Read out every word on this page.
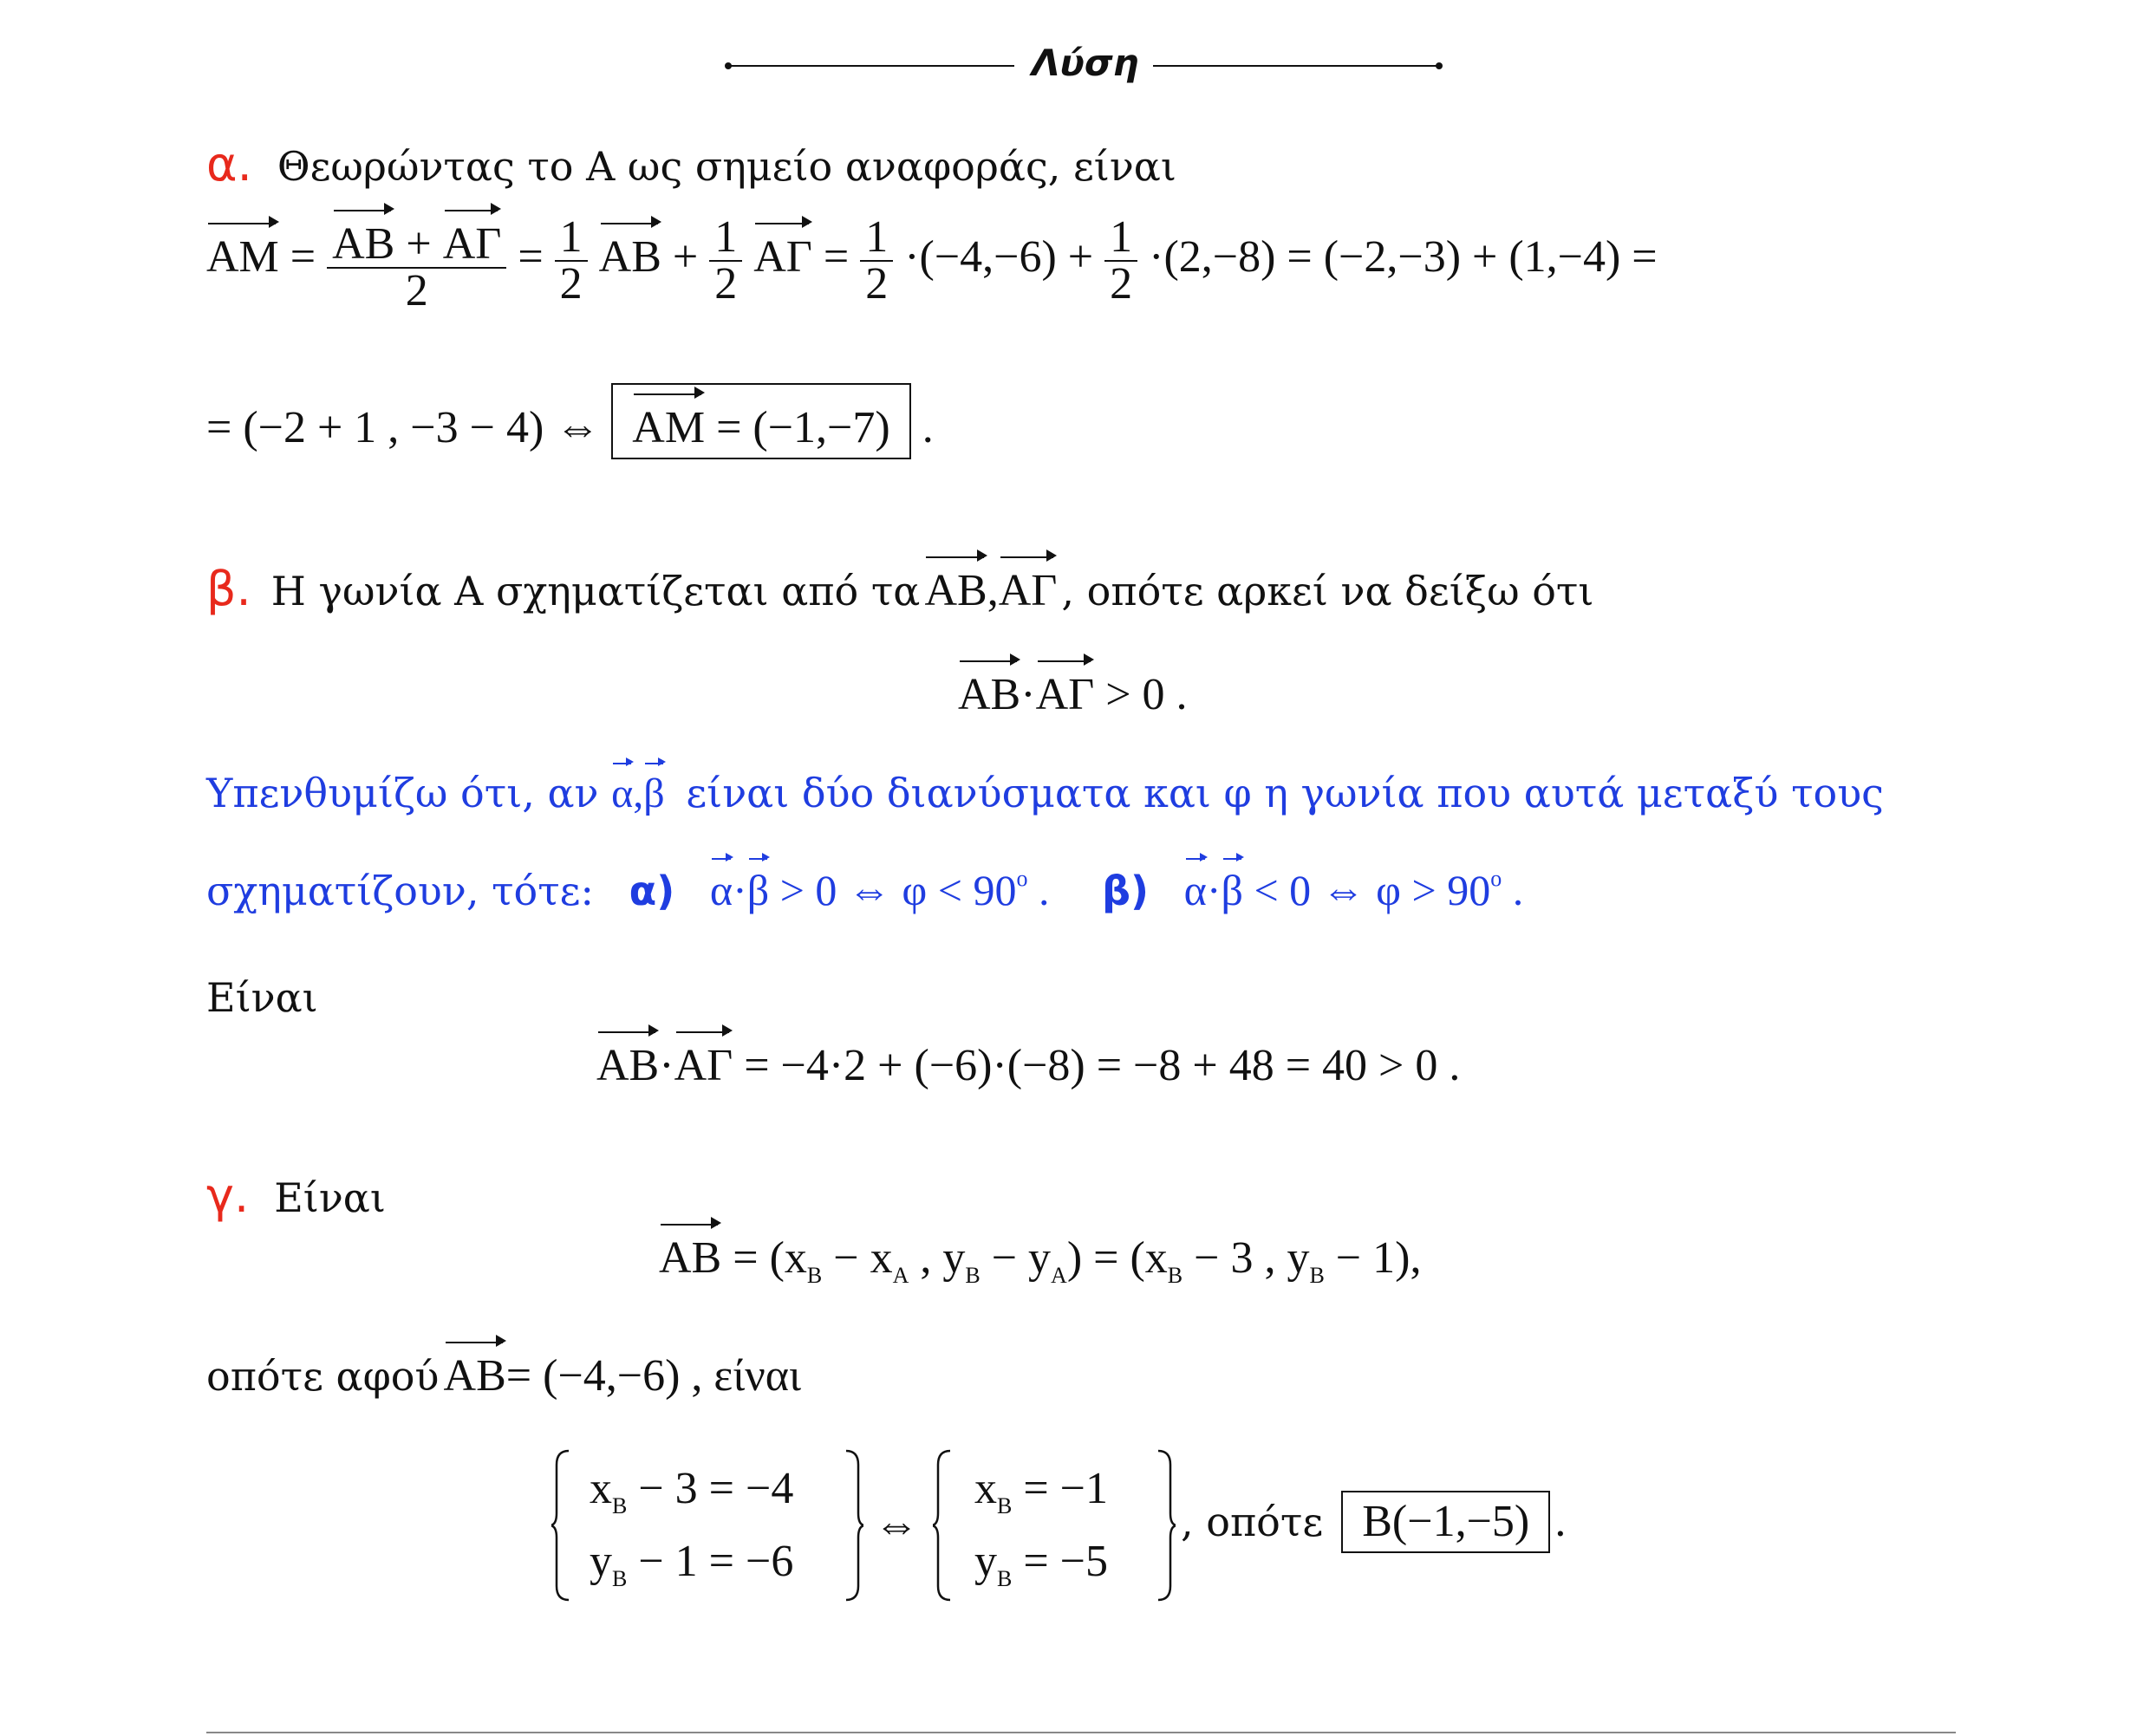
Λύση
α. Θεωρώντας το Α ως σημείο αναφοράς, είναι
AM = $\frac{AB + A\Gamma}{2} = \frac{1}{2}$ AB + $\frac{1}{2}$ $A\Gamma = \frac{1}{2} \cdot(-4,-6) + \frac{1}{2} \cdot(2,-8) = (-2,-3) + (1,-4)$ =
= (−2 + 1 , −3 − 4) ⇔ AM = (−1,−7) .
β. Η γωνία Α σχηματίζεται από τα AB,AΓ , οπότε αρκεί να δείξω ότι
AB·AΓ > 0 .
Υπενθυμίζω ότι, αν α,β είναι δύο διανύσματα και φ η γωνία που αυτά μεταξύ τους
σχηματίζουν, τότε: α) α·β > 0 ⇔ $\varphi < 90^o$ . β) α·β < 0 ⇔ $\varphi > 90^o$ .
Είναι
AB·AΓ = −4·2 + (−6)·(−8) = −8 + 48 = 40 > 0 .
γ. Είναι
AB = ($x_B - x_A$ , $y_B - y_A) = (x_B - 3$ , $y_B - 1$),
οπότε αφού AB= (−4,−6) , είναι
$x_B - 3 = -4$
$y_B - 1 = -6$
⇔
$x_B = -1$
$y_B = -5$
, οπότε B(−1,−5) .
